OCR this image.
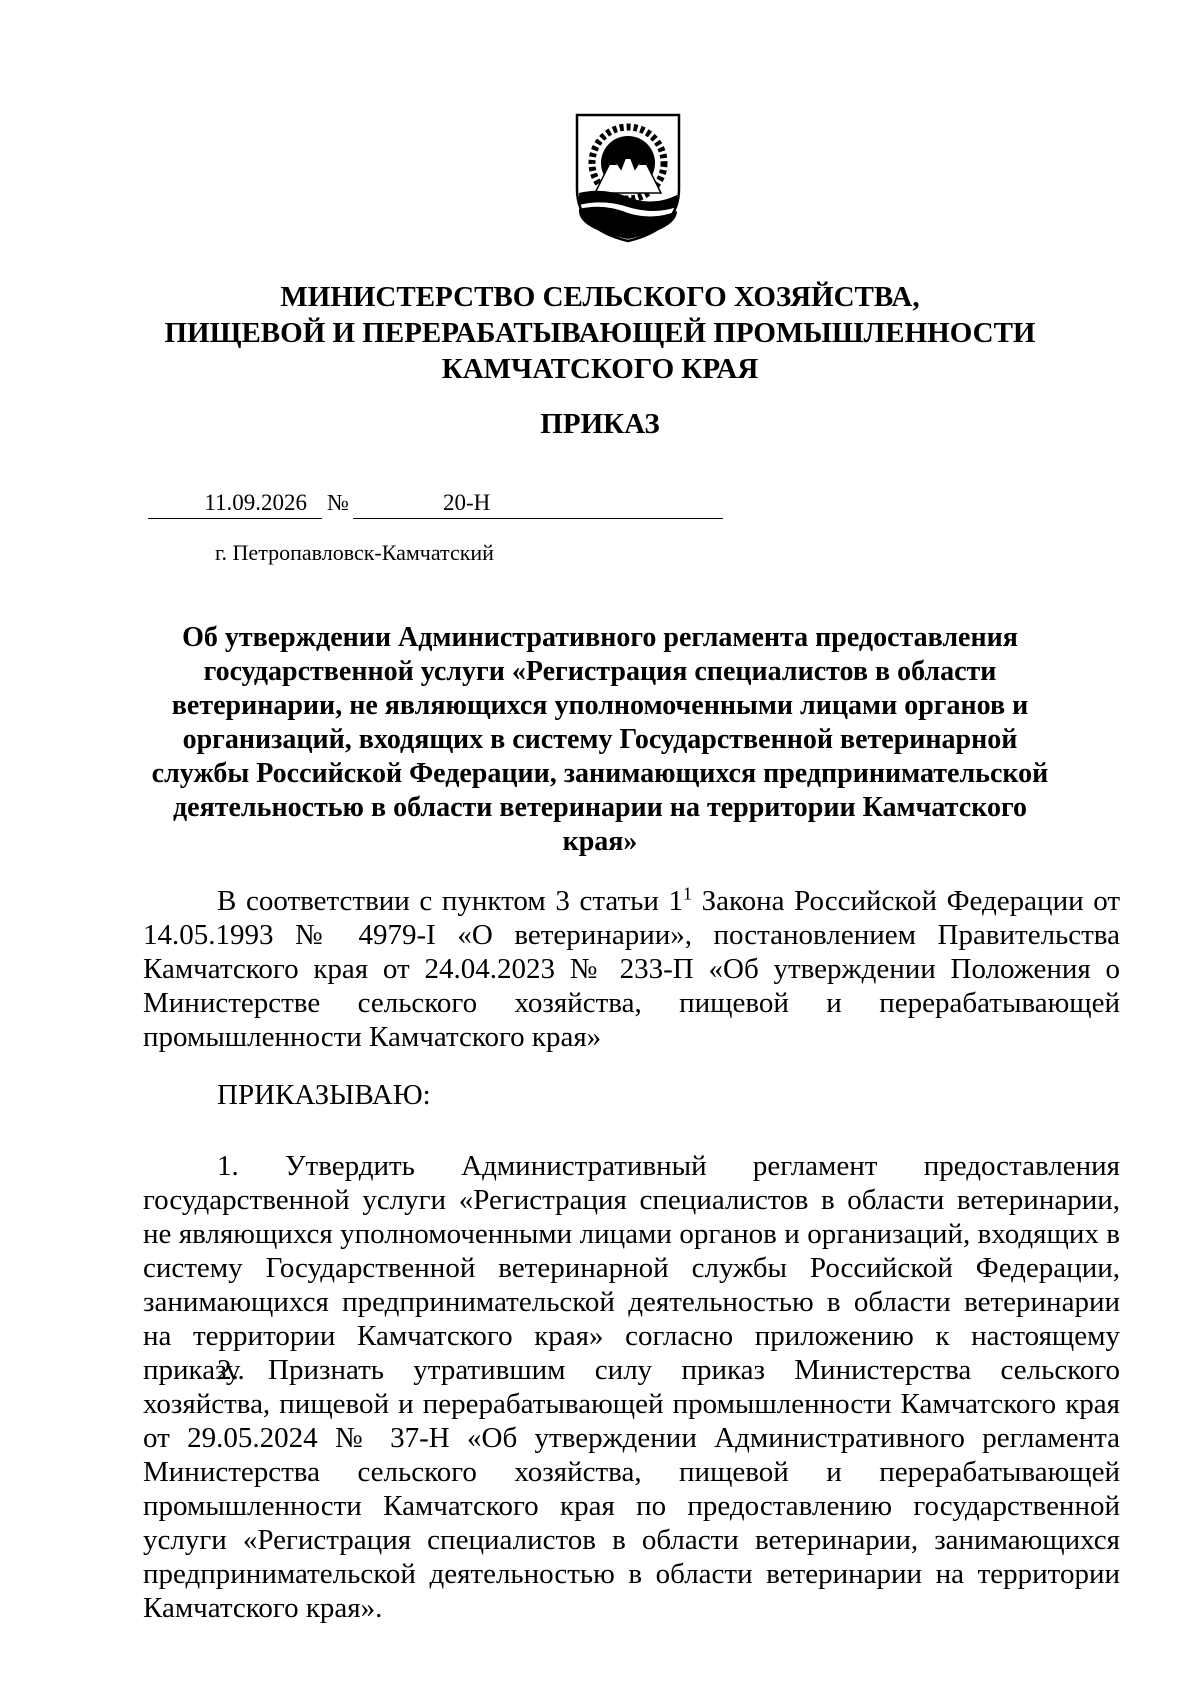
МИНИСТЕРСТВО СЕЛЬСКОГО ХОЗЯЙСТВА,
ПИЩЕВОЙ И ПЕРЕРАБАТЫВАЮЩЕЙ ПРОМЫШЛЕННОСТИ
КАМЧАТСКОГО КРАЯ
ПРИКАЗ
11.09.2026 №	20-Н
г. Петропавловск-Камчатский
Об утверждении Административного регламента предоставления государственной услуги «Регистрация специалистов в области ветеринарии, не являющихся уполномоченными лицами органов и организаций, входящих в систему Государственной ветеринарной службы Российской Федерации, занимающихся предпринимательской деятельностью в области ветеринарии на территории Камчатского края»
В соответствии с пунктом 3 статьи $1^1$ Закона Российской Федерации от 14.05.1993 № 4979-I «О ветеринарии», постановлением Правительства Камчатского края от 24.04.2023 № 233-П «Об утверждении Положения о Министерстве сельского хозяйства, пищевой и перерабатывающей промышленности Камчатского края»
ПРИКАЗЫВАЮ:
1. Утвердить Административный регламент предоставления государственной услуги «Регистрация специалистов в области ветеринарии, не являющихся уполномоченными лицами органов и организаций, входящих в систему Государственной ветеринарной службы Российской Федерации, занимающихся предпринимательской деятельностью в области ветеринарии на территории Камчатского края» согласно приложению к настоящему приказу.
2. Признать утратившим силу приказ Министерства сельского хозяйства, пищевой и перерабатывающей промышленности Камчатского края от 29.05.2024 № 37-Н «Об утверждении Административного регламента Министерства сельского хозяйства, пищевой и перерабатывающей промышленности Камчатского края по предоставлению государственной услуги «Регистрация специалистов в области ветеринарии, занимающихся предпринимательской деятельностью в области ветеринарии на территории Камчатского края».
